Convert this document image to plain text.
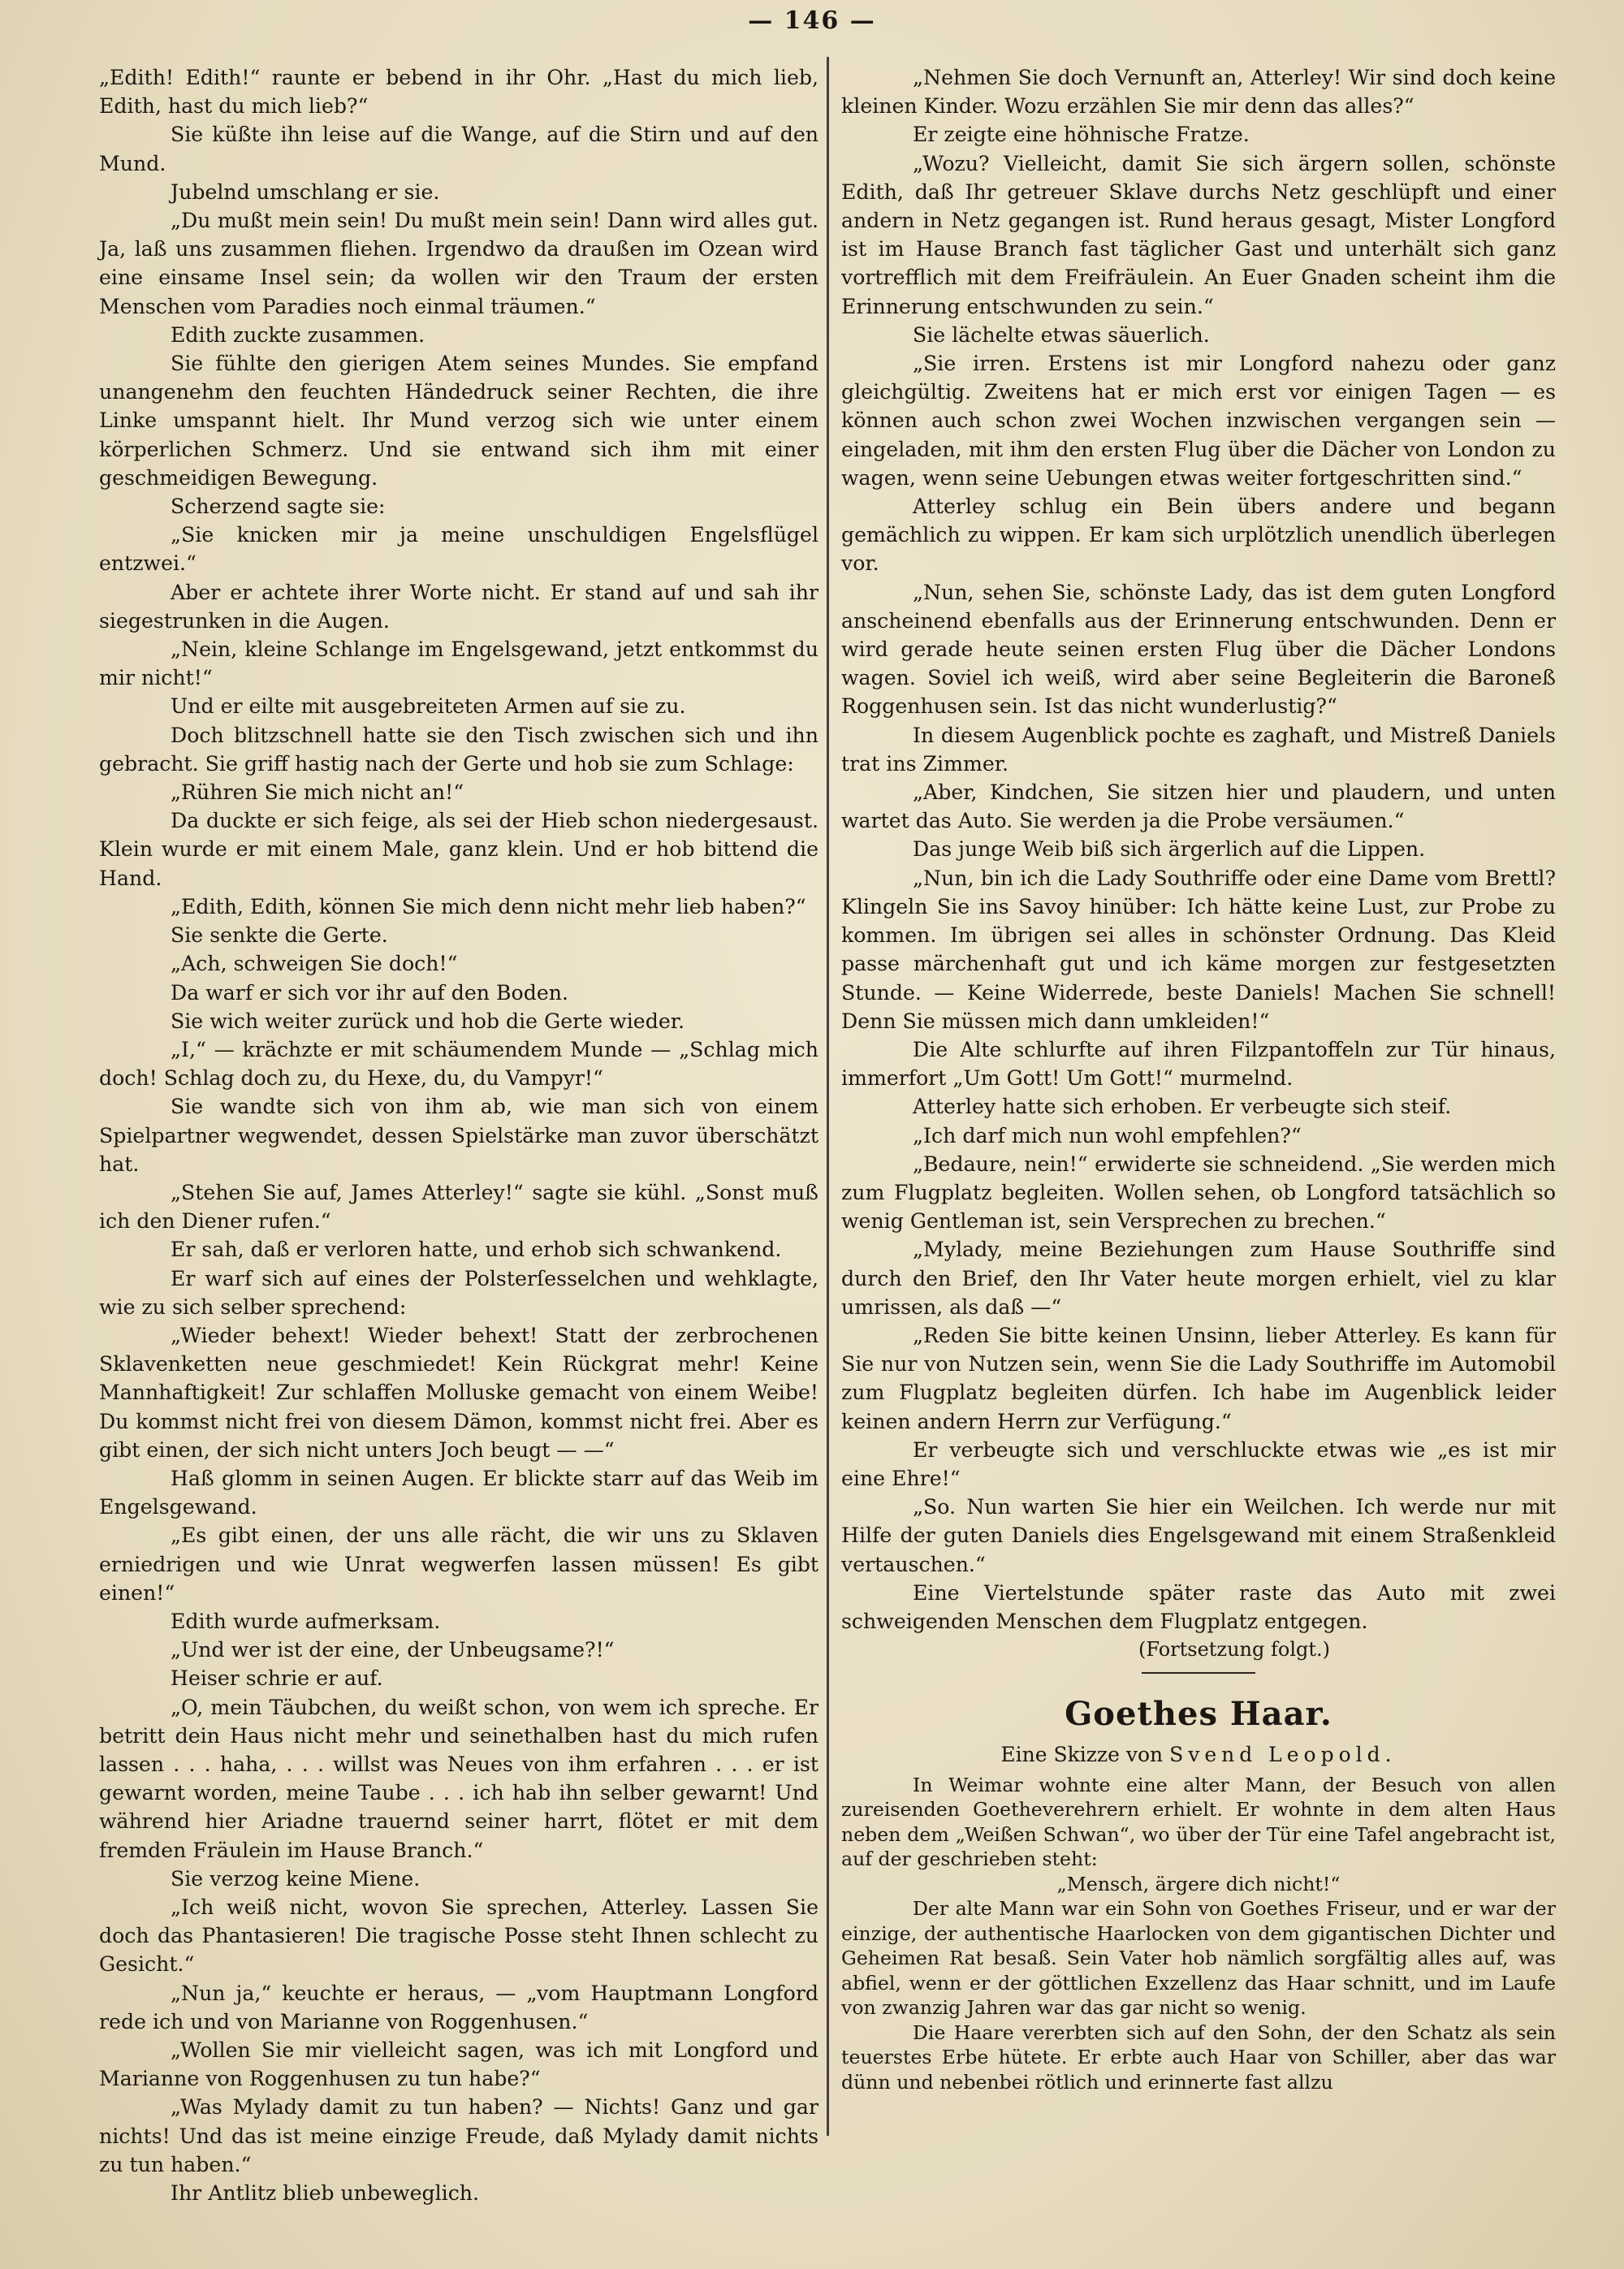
— 146 —

„Edith! Edith!“ raunte er bebend in ihr Ohr. „Hast du mich lieb, Edith, hast du mich lieb?“

Sie küßte ihn leise auf die Wange, auf die Stirn und auf den Mund.

Jubelnd umschlang er sie.

„Du mußt mein sein! Du mußt mein sein! Dann wird alles gut. Ja, laß uns zusammen fliehen. Irgendwo da draußen im Ozean wird eine einsame Insel sein; da wollen wir den Traum der ersten Menschen vom Paradies noch einmal träumen.“

Edith zuckte zusammen.

Sie fühlte den gierigen Atem seines Mundes. Sie empfand unangenehm den feuchten Händedruck seiner Rechten, die ihre Linke umspannt hielt. Ihr Mund verzog sich wie unter einem körperlichen Schmerz. Und sie entwand sich ihm mit einer geschmeidigen Bewegung.

Scherzend sagte sie:

„Sie knicken mir ja meine unschuldigen Engelsflügel entzwei.“

Aber er achtete ihrer Worte nicht. Er stand auf und sah ihr siegestrunken in die Augen.

„Nein, kleine Schlange im Engelsgewand, jetzt entkommst du mir nicht!“

Und er eilte mit ausgebreiteten Armen auf sie zu.

Doch blitzschnell hatte sie den Tisch zwischen sich und ihn gebracht. Sie griff hastig nach der Gerte und hob sie zum Schlage:

„Rühren Sie mich nicht an!“

Da duckte er sich feige, als sei der Hieb schon niedergesaust. Klein wurde er mit einem Male, ganz klein. Und er hob bittend die Hand.

„Edith, Edith, können Sie mich denn nicht mehr lieb haben?“

Sie senkte die Gerte.

„Ach, schweigen Sie doch!“

Da warf er sich vor ihr auf den Boden.

Sie wich weiter zurück und hob die Gerte wieder.

„I,“ — krächzte er mit schäumendem Munde — „Schlag mich doch! Schlag doch zu, du Hexe, du, du Vampyr!“

Sie wandte sich von ihm ab, wie man sich von einem Spielpartner wegwendet, dessen Spielstärke man zuvor überschätzt hat.

„Stehen Sie auf, James Atterley!“ sagte sie kühl. „Sonst muß ich den Diener rufen.“

Er sah, daß er verloren hatte, und erhob sich schwankend.

Er warf sich auf eines der Polsterſesselchen und wehklagte, wie zu sich selber sprechend:

„Wieder behext! Wieder behext! Statt der zerbrochenen Sklavenketten neue geschmiedet! Kein Rückgrat mehr! Keine Mannhaftigkeit! Zur schlaffen Molluske gemacht von einem Weibe! Du kommst nicht frei von diesem Dämon, kommst nicht frei. Aber es gibt einen, der sich nicht unters Joch beugt — —“

Haß glomm in seinen Augen. Er blickte starr auf das Weib im Engelsgewand.

„Es gibt einen, der uns alle rächt, die wir uns zu Sklaven erniedrigen und wie Unrat wegwerfen lassen müssen! Es gibt einen!“

Edith wurde aufmerksam.

„Und wer ist der eine, der Unbeugsame?!“

Heiser schrie er auf.

„O, mein Täubchen, du weißt schon, von wem ich spreche. Er betritt dein Haus nicht mehr und seinethalben hast du mich rufen lassen . . . haha, . . . willst was Neues von ihm erfahren . . . er ist gewarnt worden, meine Taube . . . ich hab ihn selber gewarnt! Und während hier Ariadne trauernd seiner harrt, flötet er mit dem fremden Fräulein im Hause Branch.“

Sie verzog keine Miene.

„Ich weiß nicht, wovon Sie sprechen, Atterley. Lassen Sie doch das Phantasieren! Die tragische Posse steht Ihnen schlecht zu Gesicht.“

„Nun ja,“ keuchte er heraus, — „vom Hauptmann Longford rede ich und von Marianne von Roggenhusen.“

„Wollen Sie mir vielleicht sagen, was ich mit Longford und Marianne von Roggenhusen zu tun habe?“

„Was Mylady damit zu tun haben? — Nichts! Ganz und gar nichts! Und das ist meine einzige Freude, daß Mylady damit nichts zu tun haben.“

Ihr Antlitz blieb unbeweglich.

„Nehmen Sie doch Vernunft an, Atterley! Wir sind doch keine kleinen Kinder. Wozu erzählen Sie mir denn das alles?“

Er zeigte eine höhnische Fratze.

„Wozu? Vielleicht, damit Sie sich ärgern sollen, schönste Edith, daß Ihr getreuer Sklave durchs Netz geschlüpft und einer andern in Netz gegangen ist. Rund heraus gesagt, Mister Longford ist im Hause Branch fast täglicher Gast und unterhält sich ganz vortrefflich mit dem Freifräulein. An Euer Gnaden scheint ihm die Erinnerung entschwunden zu sein.“

Sie lächelte etwas säuerlich.

„Sie irren. Erstens ist mir Longford nahezu oder ganz gleichgültig. Zweitens hat er mich erst vor einigen Tagen — es können auch schon zwei Wochen inzwischen vergangen sein — eingeladen, mit ihm den ersten Flug über die Dächer von London zu wagen, wenn seine Uebungen etwas weiter fortgeschritten sind.“

Atterley schlug ein Bein übers andere und begann gemächlich zu wippen. Er kam sich urplötzlich unendlich überlegen vor.

„Nun, sehen Sie, schönste Lady, das ist dem guten Longford anscheinend ebenfalls aus der Erinnerung entschwunden. Denn er wird gerade heute seinen ersten Flug über die Dächer Londons wagen. Soviel ich weiß, wird aber seine Begleiterin die Baroneß Roggenhusen sein. Ist das nicht wunderlustig?“

In diesem Augenblick pochte es zaghaft, und Mistreß Daniels trat ins Zimmer.

„Aber, Kindchen, Sie sitzen hier und plaudern, und unten wartet das Auto. Sie werden ja die Probe versäumen.“

Das junge Weib biß sich ärgerlich auf die Lippen.

„Nun, bin ich die Lady Southriffe oder eine Dame vom Brettl? Klingeln Sie ins Savoy hinüber: Ich hätte keine Lust, zur Probe zu kommen. Im übrigen sei alles in schönster Ordnung. Das Kleid passe märchenhaft gut und ich käme morgen zur festgesetzten Stunde. — Keine Widerrede, beste Daniels! Machen Sie schnell! Denn Sie müssen mich dann umkleiden!“

Die Alte schlurfte auf ihren Filzpantoffeln zur Tür hinaus, immerfort „Um Gott! Um Gott!“ murmelnd.

Atterley hatte sich erhoben. Er verbeugte sich steif.

„Ich darf mich nun wohl empfehlen?“

„Bedaure, nein!“ erwiderte sie schneidend. „Sie werden mich zum Flugplatz begleiten. Wollen sehen, ob Longford tatsächlich so wenig Gentleman ist, sein Versprechen zu brechen.“

„Mylady, meine Beziehungen zum Hause Southriffe sind durch den Brief, den Ihr Vater heute morgen erhielt, viel zu klar umrissen, als daß —“

„Reden Sie bitte keinen Unsinn, lieber Atterley. Es kann für Sie nur von Nutzen sein, wenn Sie die Lady Southriffe im Automobil zum Flugplatz begleiten dürfen. Ich habe im Augenblick leider keinen andern Herrn zur Verfügung.“

Er verbeugte sich und verschluckte etwas wie „es ist mir eine Ehre!“

„So. Nun warten Sie hier ein Weilchen. Ich werde nur mit Hilfe der guten Daniels dies Engelsgewand mit einem Straßenkleid vertauschen.“

Eine Viertelstunde später raste das Auto mit zwei schweigenden Menschen dem Flugplatz entgegen.

(Fortsetzung folgt.)

Goethes Haar.
Eine Skizze von Svend Leopold.

In Weimar wohnte eine alter Mann, der Besuch von allen zureisenden Goetheverehrern erhielt. Er wohnte in dem alten Haus neben dem „Weißen Schwan“, wo über der Tür eine Tafel angebracht ist, auf der geschrieben steht:

„Mensch, ärgere dich nicht!“

Der alte Mann war ein Sohn von Goethes Friseur, und er war der einzige, der authentische Haarlocken von dem gigantischen Dichter und Geheimen Rat besaß. Sein Vater hob nämlich sorgfältig alles auf, was abfiel, wenn er der göttlichen Exzellenz das Haar schnitt, und im Laufe von zwanzig Jahren war das gar nicht so wenig.

Die Haare vererbten sich auf den Sohn, der den Schatz als sein teuerstes Erbe hütete. Er erbte auch Haar von Schiller, aber das war dünn und nebenbei rötlich und erinnerte fast allzu
